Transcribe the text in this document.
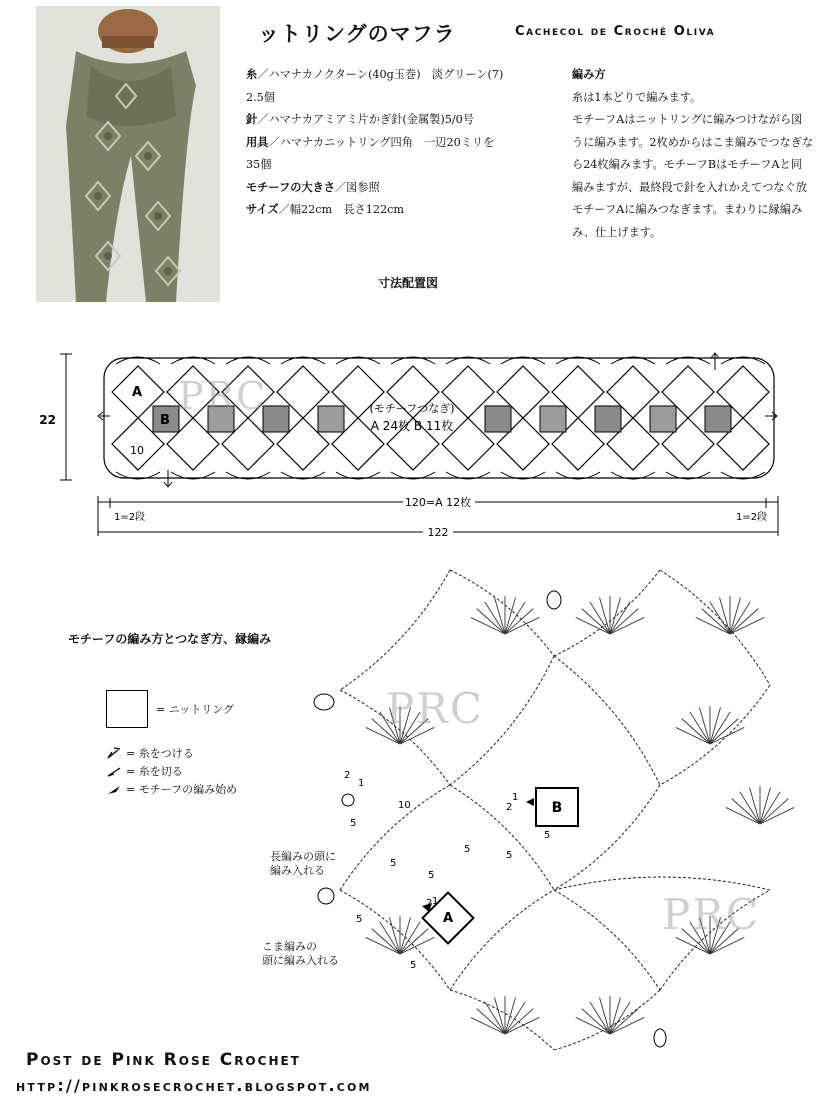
ットリングのマフラ	Cachecol de Crochê Oliva
糸／ハマナカノクターン(40g玉巻)　淡グリーン(7)
2.5個
針／ハマナカアミアミ片かぎ針(金属製)5/0号
用具／ハマナカニットリング四角　一辺20ミリを
35個
モチーフの大きさ／図参照
サイズ／幅22cm　長さ122cm
編み方
糸は1本どりで編みます。
モチーフAはニットリングに編みつけながら図
うに編みます。2枚めからはこま編みでつなぎな
ら24枚編みます。モチーフBはモチーフAと同
編みますが、最終段で針を入れかえてつなぐ放
モチーフAに編みつなぎます。まわりに縁編み
み、仕上げます。
寸法配置図
22
A
B
10
(モチーフつなぎ)
A 24枚 B 11枚
1=2段	1=2段
120=A 12枚
122
モチーフの編み方とつなぎ方、縁編み
= ニットリング
= 糸をつける
= 糸を切る
= モチーフの編み始め
長編みの頭に
編み入れる
こま編みの
頭に編み入れる
B
A
2
1
10
5
5
5
5
5
1
2
5
5
2 1
5
PRC
PRC
PRC
Post de Pink Rose Crochet
http://pinkrosecrochet.blogspot.com
